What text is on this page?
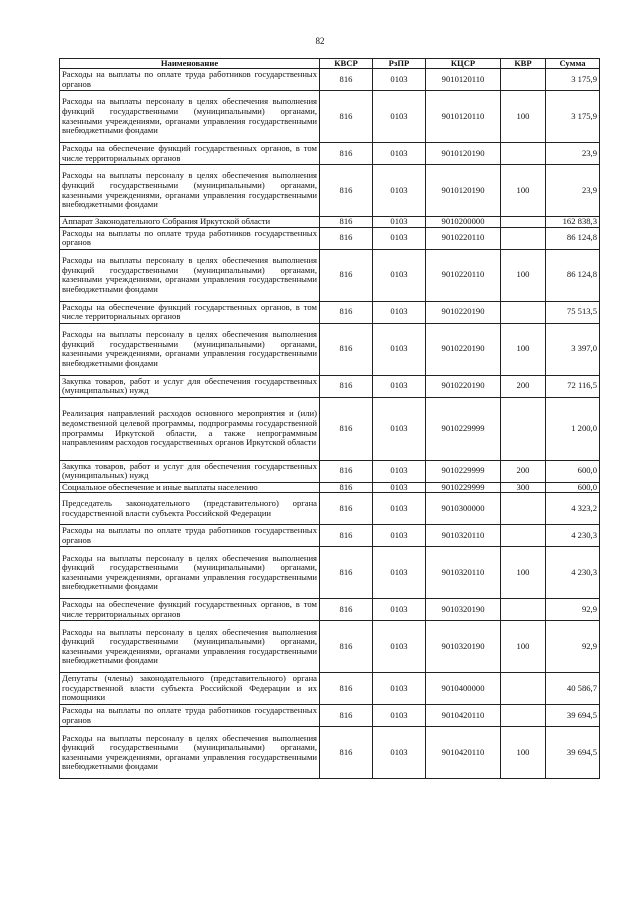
82
Наименование	КВСР	РзПР	КЦСР	КВР	Сумма
Расходы на выплаты по оплате труда работников государственных органов	816	0103	9010120110		3 175,9
Расходы на выплаты персоналу в целях обеспечения выполнения функций государственными (муниципальными) органами, казенными учреждениями, органами управления государственными внебюджетными фондами	816	0103	9010120110	100	3 175,9
Расходы на обеспечение функций государственных органов, в том числе территориальных органов	816	0103	9010120190		23,9
Расходы на выплаты персоналу в целях обеспечения выполнения функций государственными (муниципальными) органами, казенными учреждениями, органами управления государственными внебюджетными фондами	816	0103	9010120190	100	23,9
Аппарат Законодательного Собрания Иркутской области	816	0103	9010200000		162 838,3
Расходы на выплаты по оплате труда работников государственных органов	816	0103	9010220110		86 124,8
Расходы на выплаты персоналу в целях обеспечения выполнения функций государственными (муниципальными) органами, казенными учреждениями, органами управления государственными внебюджетными фондами	816	0103	9010220110	100	86 124,8
Расходы на обеспечение функций государственных органов, в том числе территориальных органов	816	0103	9010220190		75 513,5
Расходы на выплаты персоналу в целях обеспечения выполнения функций государственными (муниципальными) органами, казенными учреждениями, органами управления государственными внебюджетными фондами	816	0103	9010220190	100	3 397,0
Закупка товаров, работ и услуг для обеспечения государственных (муниципальных) нужд	816	0103	9010220190	200	72 116,5
Реализация направлений расходов основного мероприятия и (или) ведомственной целевой программы, подпрограммы государственной программы Иркутской области, а также непрограммным направлениям расходов государственных органов Иркутской области	816	0103	9010229999		1 200,0
Закупка товаров, работ и услуг для обеспечения государственных (муниципальных) нужд	816	0103	9010229999	200	600,0
Социальное обеспечение и иные выплаты населению	816	0103	9010229999	300	600,0
Председатель законодательного (представительного) органа государственной власти субъекта Российской Федерации	816	0103	9010300000		4 323,2
Расходы на выплаты по оплате труда работников государственных органов	816	0103	9010320110		4 230,3
Расходы на выплаты персоналу в целях обеспечения выполнения функций государственными (муниципальными) органами, казенными учреждениями, органами управления государственными внебюджетными фондами	816	0103	9010320110	100	4 230,3
Расходы на обеспечение функций государственных органов, в том числе территориальных органов	816	0103	9010320190		92,9
Расходы на выплаты персоналу в целях обеспечения выполнения функций государственными (муниципальными) органами, казенными учреждениями, органами управления государственными внебюджетными фондами	816	0103	9010320190	100	92,9
Депутаты (члены) законодательного (представительного) органа государственной власти субъекта Российской Федерации и их помощники	816	0103	9010400000		40 586,7
Расходы на выплаты по оплате труда работников государственных органов	816	0103	9010420110		39 694,5
Расходы на выплаты персоналу в целях обеспечения выполнения функций государственными (муниципальными) органами, казенными учреждениями, органами управления государственными внебюджетными фондами	816	0103	9010420110	100	39 694,5
